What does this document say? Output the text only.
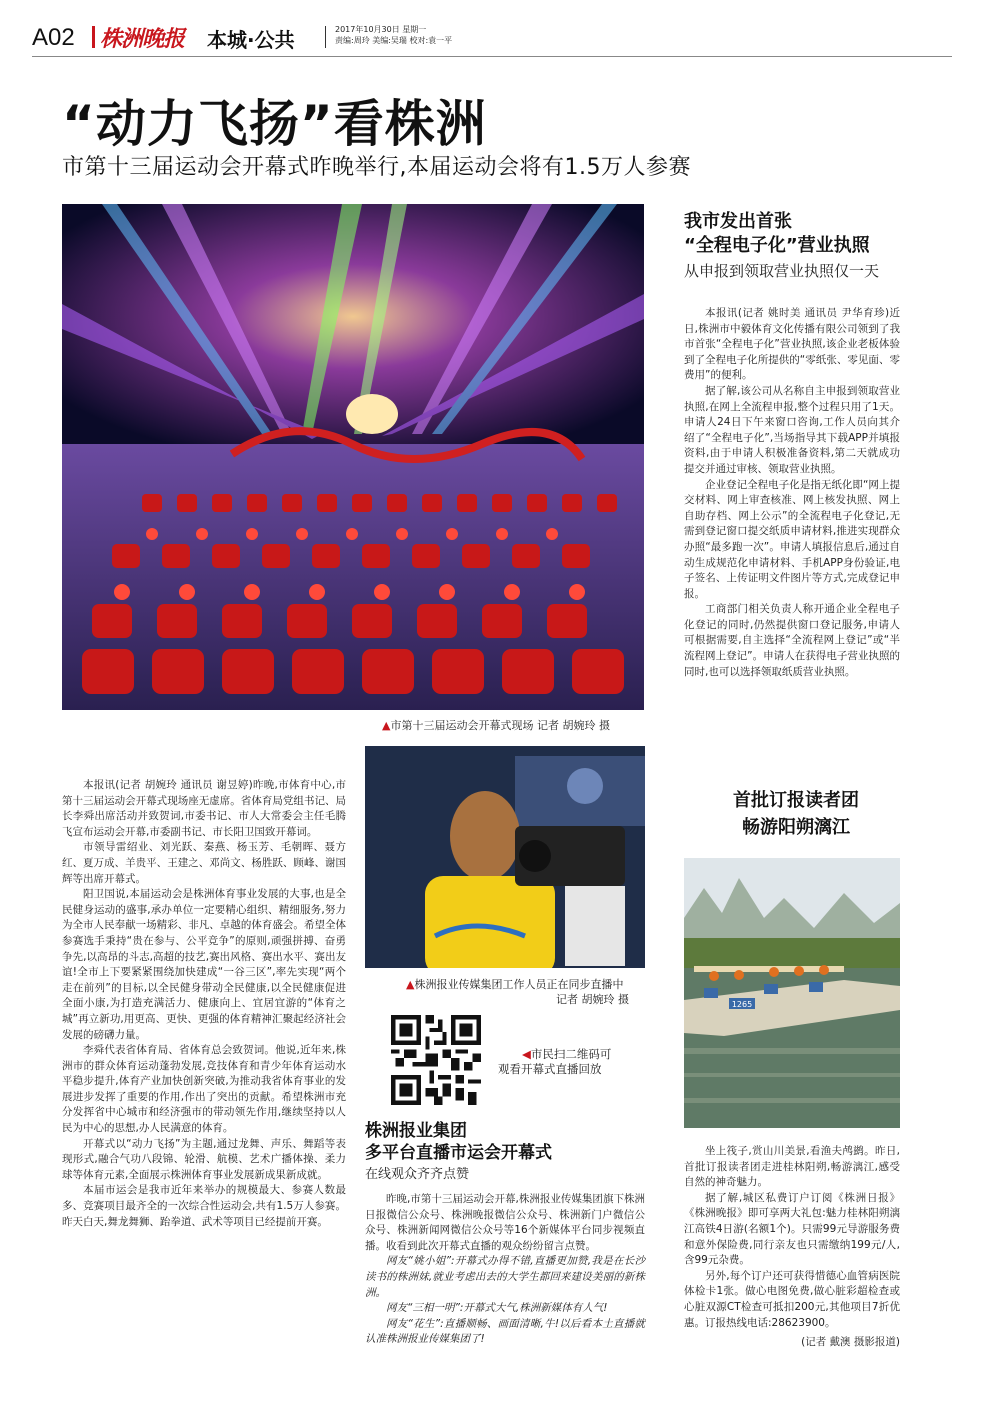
A02 株洲晚报	本城·公共	2017年10月30日 星期一
责编:周玲 美编:吴瑞 校对:袁一平
“动力飞扬”看株洲
市第十三届运动会开幕式昨晚举行,本届运动会将有1.5万人参赛
▲市第十三届运动会开幕式现场 记者 胡婉玲 摄

本报讯(记者 胡婉玲 通讯员 谢昱婷)昨晚,市体育中心,市第十三届运动会开幕式现场座无虚席。省体育局党组书记、局长李舜出席活动并致贺词,市委书记、市人大常委会主任毛腾飞宣布运动会开幕,市委副书记、市长阳卫国致开幕词。

市领导雷绍业、刘光跃、秦燕、杨玉芳、毛朝晖、聂方红、夏万成、羊贵平、王建之、邓尚文、杨胜跃、顾峰、谢国辉等出席开幕式。

阳卫国说,本届运动会是株洲体育事业发展的大事,也是全民健身运动的盛事,承办单位一定要精心组织、精细服务,努力为全市人民奉献一场精彩、非凡、卓越的体育盛会。希望全体参赛选手秉持“贵在参与、公平竞争”的原则,顽强拼搏、奋勇争先,以高昂的斗志,高超的技艺,赛出风格、赛出水平、赛出友谊!全市上下要紧紧围绕加快建成“一谷三区”,率先实现“两个走在前列”的目标,以全民健身带动全民健康,以全民健康促进全面小康,为打造充满活力、健康向上、宜居宜游的“体育之城”再立新功,用更高、更快、更强的体育精神汇聚起经济社会发展的磅礴力量。

李舜代表省体育局、省体育总会致贺词。他说,近年来,株洲市的群众体育运动蓬勃发展,竞技体育和青少年体育运动水平稳步提升,体育产业加快创新突破,为推动我省体育事业的发展进步发挥了重要的作用,作出了突出的贡献。希望株洲市充分发挥省中心城市和经济强市的带动领先作用,继续坚持以人民为中心的思想,办人民满意的体育。

开幕式以“动力飞扬”为主题,通过龙舞、声乐、舞蹈等表现形式,融合气功八段锦、轮滑、航模、艺术广播体操、柔力球等体育元素,全面展示株洲体育事业发展新成果新成就。

本届市运会是我市近年来举办的规模最大、参赛人数最多、竞赛项目最齐全的一次综合性运动会,共有1.5万人参赛。昨天白天,舞龙舞狮、跆拳道、武术等项目已经提前开赛。

我市发出首张
“全程电子化”营业执照
从申报到领取营业执照仅一天

本报讯(记者 姚时美 通讯员 尹华育珍)近日,株洲市中毅体育文化传播有限公司领到了我市首张“全程电子化”营业执照,该企业老板体验到了全程电子化所提供的“零纸张、零见面、零费用”的便利。

据了解,该公司从名称自主申报到领取营业执照,在网上全流程申报,整个过程只用了1天。申请人24日下午来窗口咨询,工作人员向其介绍了“全程电子化”,当场指导其下载APP并填报资料,由于申请人积极准备资料,第二天就成功提交并通过审核、领取营业执照。

企业登记全程电子化是指无纸化即“网上提交材料、网上审查核准、网上核发执照、网上自助存档、网上公示”的全流程电子化登记,无需到登记窗口提交纸质申请材料,推进实现群众办照“最多跑一次”。申请人填报信息后,通过自动生成规范化申请材料、手机APP身份验证,电子签名、上传证明文件图片等方式,完成登记申报。

工商部门相关负责人称开通企业全程电子化登记的同时,仍然提供窗口登记服务,申请人可根据需要,自主选择“全流程网上登记”或“半流程网上登记”。申请人在获得电子营业执照的同时,也可以选择领取纸质营业执照。

首批订报读者团
畅游阳朔漓江
1265

坐上筏子,赏山川美景,看渔夫鸬鹚。昨日,首批订报读者团走进桂林阳朔,畅游漓江,感受自然的神奇魅力。

据了解,城区私费订户订阅《株洲日报》《株洲晚报》即可享两大礼包:魅力桂林阳朔漓江高铁4日游(名额1个)。只需99元导游服务费和意外保险费,同行亲友也只需缴纳199元/人,含99元杂费。

另外,每个订户还可获得惜德心血管病医院体检卡1张。做心电图免费,做心脏彩超检查或心脏双源CT检查可抵扣200元,其他项目7折优惠。订报热线电话:28623900。

(记者 戴澳 摄影报道)
▲株洲报业传媒集团工作人员正在同步直播中
记者 胡婉玲 摄
◀市民扫二维码可
观看开幕式直播回放
株洲报业集团
多平台直播市运会开幕式
在线观众齐齐点赞

昨晚,市第十三届运动会开幕,株洲报业传媒集团旗下株洲日报微信公众号、株洲晚报微信公众号、株洲新门户微信公众号、株洲新闻网微信公众号等16个新媒体平台同步视频直播。收看到此次开幕式直播的观众纷纷留言点赞。

网友“姚小姐”:开幕式办得不错,直播更加赞,我是在长沙读书的株洲妹,就业考虑出去的大学生都回来建设美丽的新株洲。

网友“三相一明”:开幕式大气,株洲新媒体有人气!

网友“花生”:直播顺畅、画面清晰,牛!以后看本土直播就认准株洲报业传媒集团了!
